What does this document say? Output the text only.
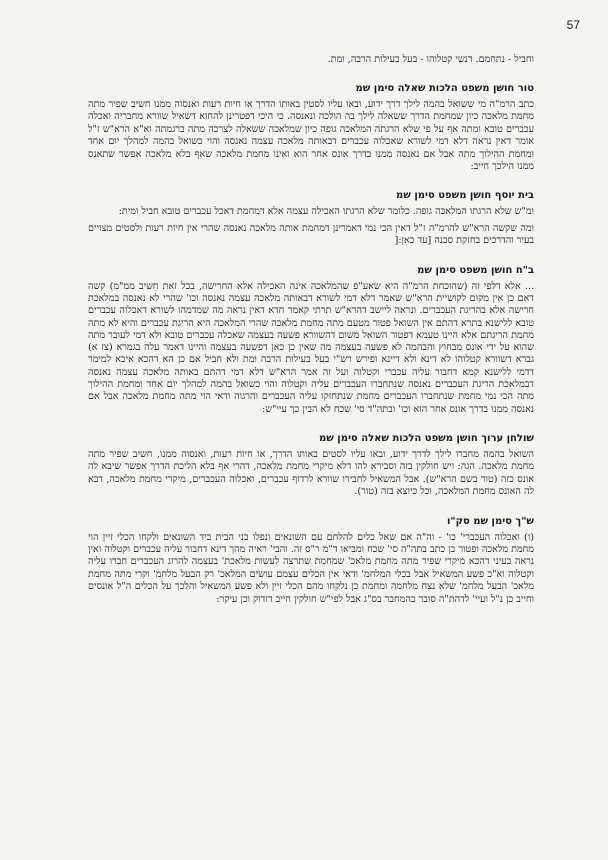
57

וחביל - נתחמם. דנשי קטלוהו - בעל בעילות הרבה, ומת.

טור חושן משפט הלכות שאלה סימן שמ

כתב הרמ"ה מי ששואל בהמה לילך דרך ידוע, ובאו עליו לסטין באותו הדרך או חיות רעות ואנסוה ממנו חשיב שפיר מתה מחמת מלאכה כיון שמחמת הדרך ששאלה לילך בה הולכה ונאנסה. כי היכי דפטרינן להחוא דשאיל שוורא מחבריה ואכלה עכברים טובא ומתה אף על פי שלא הרגתה המלאכה גופה כיון שמלאכה ששאלה לצרכה מתה ברגמתה וא"א הרא"ש ז"ל אומר דאין נראה דלא דמי לשורא שאכלוה עכברים דבאותה מלאכה עצמה נאנסה והוי כשואל בהמה למהלך יום אחד ומחמת ההילוך מתה אבל אם נאנסה ממנו בדרך אונס אחר הוא ואינו מחמת מלאכה שאף בלא מלאכה אפשר שתאנס ממנו הילכך חייב:

בית יוסף חושן משפט סימן שמ

ומ"ש שלא הרגתו המלאכה גופה. כלומר שלא הרגתו האכילה עצמה אלא דמחמת דאכל עכברים טובא חביל ומית:

ומה שקשה הרא"ש להרמ"ה ז"ל דאין הכי נמי דאמרינן דמחמת אותה מלאכה נאנסה שהרי אין חיות רעות ולסטים מצויים בעיר והדרכים בחזקת סכנה [עד כאן:[

ב"ח חושן משפט סימן שמ

... אלא דלפי זה (שהוכחת הרמ"ה היא שאע"פ שהמלאכה אינה האכילה אלא החרישה, בכל זאת חשיב ממ"מ) קשה דאם כן אין מקום לקושיית הרא"ש שאמר דלא דמי לשורא דבאותה מלאכה עצמה נאנסה וכו' שהרי לא נאנסה במלאכת חרישה אלא בהריגת העכברים. ונראה ליישב דהרא"ש תרתי קאמר חדא דאין נראה מה שמדמהו לשורא דאכלוה עכברים טובא ללישנא בתרא דהתם אין השואל פטור מטעם מתה מחמת מלאכה שהרי המלאכה היא הריגת עכברים והיא לא מתה מחמת הריגתם אלא היינו טעמא דפטור השואל משום דהשוורא פשעה בעצמה שאכלה עכברים טובא ולא דמי לעובר מתה שהוא על ידי אונס מבחוץ והבהמה לא פשעה בעצמה מה שאין כן כאן דפשעה בעצמה והיינו דאמר עלה בגמרא (צז א) גברא דשוורא קטלוהו לא דינא ולא דיינא ופירש רש"י בעל בעילות הרבה ומת ולא חביל אם כן הא דהכא איכא למימר דדמי ללישנא קמא דחבור עליה עכברי וקטלוה ועל זה אמר הרא"ש דלא דמי דהתם באותה מלאכה עצמה נאנסה דבמלאכת הריגת העכברים נאנסה שנתחברו העכברים עליה וקטלוה והוי כשואל בהמה למהלך יום אחד ומחמת ההילוך מתה הכי נמי מחמת שנתחברו העכברים מחמת שנתחזקו עליה העכברים והרגוה ודאי הוי מתה מחמת מלאכה אבל אם נאנסה ממנו בדרך אונס אחר הוא וכו' ובתה"ד סי' שכח לא הבין כך עיי"ש:

שולחן ערוך חושן משפט הלכות שאלה סימן שמ

השואל בהמה מחברו לילך לדרך ידוע, ובאו עליו לסטים באותו הדרך, או חיות רעות, ואנסוה ממנו, חשיב שפיר מתה מחמת מלאכה. הגה: ויש חולקין בזה וסבירא להו דלא מיקרי מחמת מלאכה, דהרי אף בלא הליכת הדרך אפשר שיבא לה אונס כזה (טור בשם הרא"ש). אבל המשאיל לחבירו שוורא לרדוף עכברים, ואכלוה העכברים, מיקרי מחמת מלאכה, דבא לה האונס מחמת המלאכה, וכל כיוצא בזה (טור).

ש"ך סימן שמ סק"ו

(ו) ואכלוה העכברי' כו' - וה"ה אם שאל כלים להלחם עם השונאים ונפלו בני הבית ביד השונאים ולקחו הכלי זיין הוי מחמת מלאכה ופטור כן כתב בתה"ה סי' שכח ומביאו ד"מ ר"ס זה. והבי' ראיה מהך דינא דחבור עליה עכברים וקטלוה ואין נראה בעיני דהכא מיקרי שפיר מתה מחמת מלאכ' שמחמת שתרצה לעשות מלאכת' בעצמה להרוג העכברים חברו עליה וקטלוה וא"כ פשע המשאיל אבל בכלי המלחמ' ודאי אין הכלים עצמם עושים המלאכ' רק הבעל מלחמ' וקרי מתה מחמת מלאכ' הבעל מלחמ' שלא נצח מלחמה ומחמת כן נלקחו מהם הכלי זיין ולא פשע המשאיל והלכך על הכלים ה"ל אונסים וחייב כן נ"ל ועיי' לדהת"ה סובר כהמחבר בס"ג אבל לפי"ש חולקין חייב דזדוק וכן עיקר:
